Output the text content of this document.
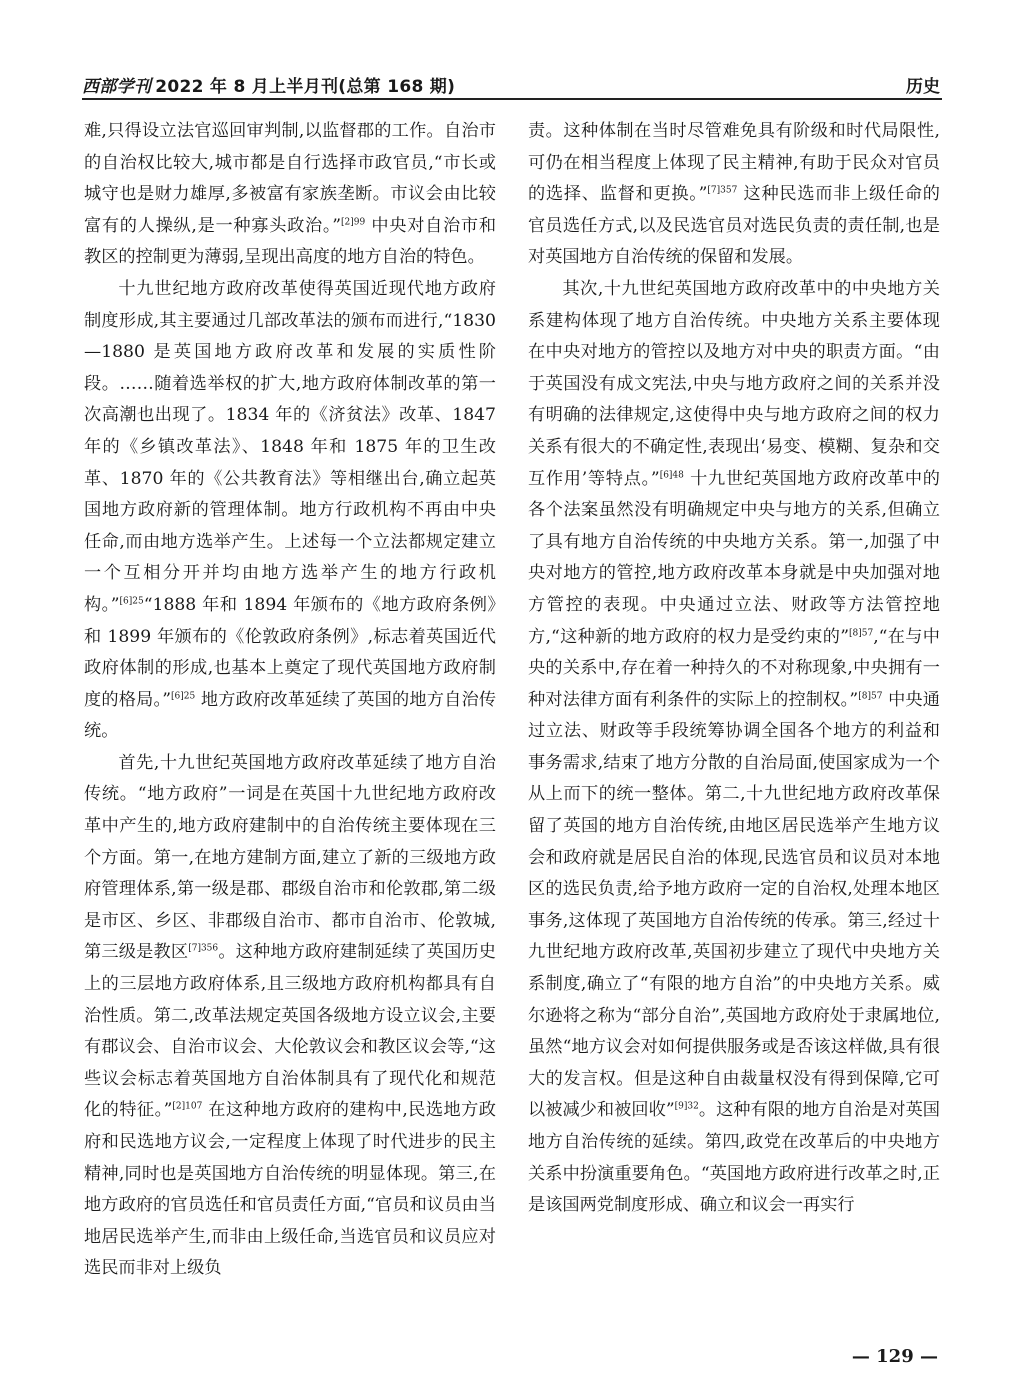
西部学刊 2022 年 8 月上半月刊(总第 168 期)	历史

难,只得设立法官巡回审判制,以监督郡的工作。自治市的自治权比较大,城市都是自行选择市政官员,“市长或城守也是财力雄厚,多被富有家族垄断。市议会由比较富有的人操纵,是一种寡头政治。”$^{[2]99}$ 中央对自治市和教区的控制更为薄弱,呈现出高度的地方自治的特色。

十九世纪地方政府改革使得英国近现代地方政府制度形成,其主要通过几部改革法的颁布而进行,“1830—1880 是英国地方政府改革和发展的实质性阶段。……随着选举权的扩大,地方政府体制改革的第一次高潮也出现了。1834 年的《济贫法》改革、1847 年的《乡镇改革法》、1848 年和 1875 年的卫生改革、1870 年的《公共教育法》等相继出台,确立起英国地方政府新的管理体制。地方行政机构不再由中央任命,而由地方选举产生。上述每一个立法都规定建立一个互相分开并均由地方选举产生的地方行政机构。”$^{[6]25}$“1888 年和 1894 年颁布的《地方政府条例》和 1899 年颁布的《伦敦政府条例》,标志着英国近代政府体制的形成,也基本上奠定了现代英国地方政府制度的格局。”$^{[6]25}$ 地方政府改革延续了英国的地方自治传统。

首先,十九世纪英国地方政府改革延续了地方自治传统。“地方政府”一词是在英国十九世纪地方政府改革中产生的,地方政府建制中的自治传统主要体现在三个方面。第一,在地方建制方面,建立了新的三级地方政府管理体系,第一级是郡、郡级自治市和伦敦郡,第二级是市区、乡区、非郡级自治市、都市自治市、伦敦城,第三级是教区$^{[7]356}$。这种地方政府建制延续了英国历史上的三层地方政府体系,且三级地方政府机构都具有自治性质。第二,改革法规定英国各级地方设立议会,主要有郡议会、自治市议会、大伦敦议会和教区议会等,“这些议会标志着英国地方自治体制具有了现代化和规范化的特征。”$^{[2]107}$ 在这种地方政府的建构中,民选地方政府和民选地方议会,一定程度上体现了时代进步的民主精神,同时也是英国地方自治传统的明显体现。第三,在地方政府的官员选任和官员责任方面,“官员和议员由当地居民选举产生,而非由上级任命,当选官员和议员应对选民而非对上级负

责。这种体制在当时尽管难免具有阶级和时代局限性,可仍在相当程度上体现了民主精神,有助于民众对官员的选择、监督和更换。”$^{[7]357}$ 这种民选而非上级任命的官员选任方式,以及民选官员对选民负责的责任制,也是对英国地方自治传统的保留和发展。

其次,十九世纪英国地方政府改革中的中央地方关系建构体现了地方自治传统。中央地方关系主要体现在中央对地方的管控以及地方对中央的职责方面。“由于英国没有成文宪法,中央与地方政府之间的关系并没有明确的法律规定,这使得中央与地方政府之间的权力关系有很大的不确定性,表现出‘易变、模糊、复杂和交互作用’等特点。”$^{[6]48}$ 十九世纪英国地方政府改革中的各个法案虽然没有明确规定中央与地方的关系,但确立了具有地方自治传统的中央地方关系。第一,加强了中央对地方的管控,地方政府改革本身就是中央加强对地方管控的表现。中央通过立法、财政等方法管控地方,“这种新的地方政府的权力是受约束的”$^{[8]57}$,“在与中央的关系中,存在着一种持久的不对称现象,中央拥有一种对法律方面有利条件的实际上的控制权。”$^{[8]57}$ 中央通过立法、财政等手段统筹协调全国各个地方的利益和事务需求,结束了地方分散的自治局面,使国家成为一个从上而下的统一整体。第二,十九世纪地方政府改革保留了英国的地方自治传统,由地区居民选举产生地方议会和政府就是居民自治的体现,民选官员和议员对本地区的选民负责,给予地方政府一定的自治权,处理本地区事务,这体现了英国地方自治传统的传承。第三,经过十九世纪地方政府改革,英国初步建立了现代中央地方关系制度,确立了“有限的地方自治”的中央地方关系。威尔逊将之称为“部分自治”,英国地方政府处于隶属地位,虽然“地方议会对如何提供服务或是否该这样做,具有很大的发言权。但是这种自由裁量权没有得到保障,它可以被减少和被回收”$^{[9]32}$。这种有限的地方自治是对英国地方自治传统的延续。第四,政党在改革后的中央地方关系中扮演重要角色。“英国地方政府进行改革之时,正是该国两党制度形成、确立和议会一再实行

— 129 —
